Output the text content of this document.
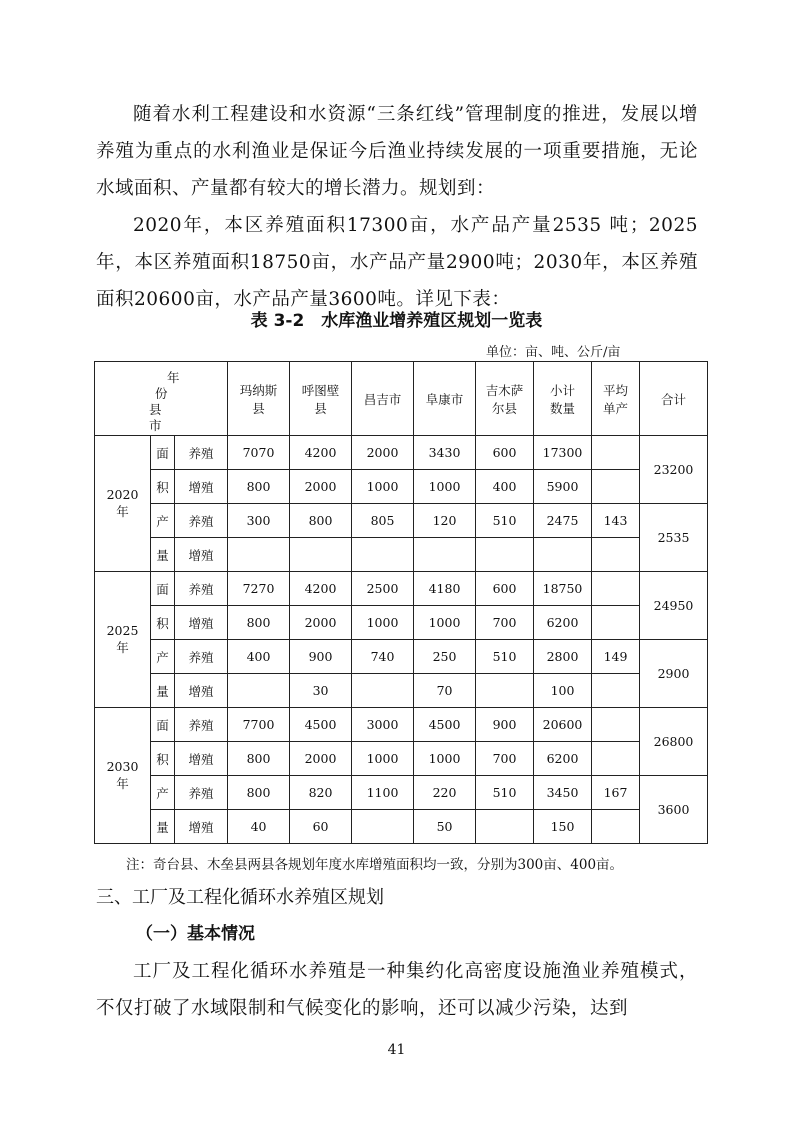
随着水利工程建设和水资源“三条红线”管理制度的推进，发展以增养殖为重点的水利渔业是保证今后渔业持续发展的一项重要措施，无论水域面积、产量都有较大的增长潜力。规划到：

2020年，本区养殖面积17300亩，水产品产量2535 吨；2025年，本区养殖面积18750亩，水产品产量2900吨；2030年，本区养殖面积20600亩，水产品产量3600吨。详见下表：

表 3-2　水库渔业增养殖区规划一览表
单位：亩、吨、公斤/亩
年
份
县
市			玛纳斯县	呼图壁县	昌吉市	阜康市	吉木萨尔县	小计数量	平均单产	合计
2020年	面	养殖	7070	4200	2000	3430	600	17300		23200
	积	增殖	800	2000	1000	1000	400	5900		
	产	养殖	300	800	805	120	510	2475	143	2535
	量	增殖								
2025年	面	养殖	7270	4200	2500	4180	600	18750		24950
	积	增殖	800	2000	1000	1000	700	6200		
	产	养殖	400	900	740	250	510	2800	149	2900
	量	增殖		30		70		100		
2030年	面	养殖	7700	4500	3000	4500	900	20600		26800
	积	增殖	800	2000	1000	1000	700	6200		
	产	养殖	800	820	1100	220	510	3450	167	3600
	量	增殖	40	60		50		150		
注：奇台县、木垒县两县各规划年度水库增殖面积均一致，分别为300亩、400亩。
三、工厂及工程化循环水养殖区规划
（一）基本情况

工厂及工程化循环水养殖是一种集约化高密度设施渔业养殖模式，不仅打破了水域限制和气候变化的影响，还可以减少污染，达到

41
